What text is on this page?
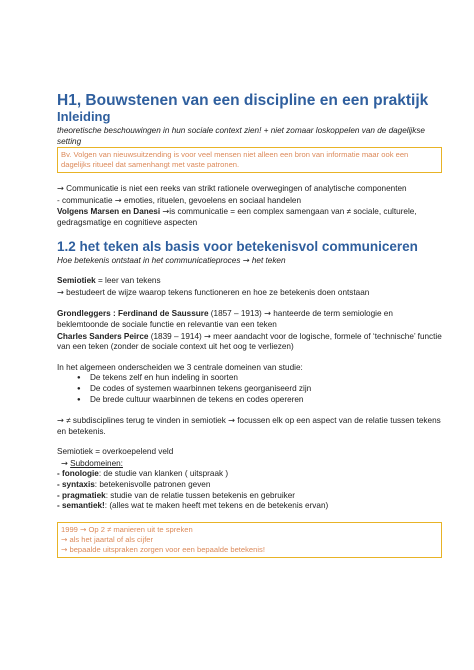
H1, Bouwstenen van een discipline en een praktijk
Inleiding
theoretische beschouwingen in hun sociale context zien! + niet zomaar loskoppelen van de dagelijkse setting
Bv. Volgen van nieuwsuitzending is voor veel mensen niet alleen een bron van informatie maar ook een dagelijks ritueel dat samenhangt met vaste patronen.
→ Communicatie is niet een reeks van strikt rationele overwegingen of analytische componenten
- communicatie → emoties, rituelen, gevoelens en sociaal handelen
Volgens Marsen en Danesi →is communicatie = een complex samengaan van ≠ sociale, culturele, gedragsmatige en cognitieve aspecten
1.2 het teken als basis voor betekenisvol communiceren
Hoe betekenis ontstaat in het communicatieproces → het teken
Semiotiek = leer van tekens
→ bestudeert de wijze waarop tekens functioneren en hoe ze betekenis doen ontstaan
Grondleggers : Ferdinand de Saussure (1857 – 1913) → hanteerde de term semiologie en beklemtoonde de sociale functie en relevantie van een teken
Charles Sanders Peirce (1839 – 1914) → meer aandacht voor de logische, formele of ‘technische’ functie van een teken (zonder de sociale context uit het oog te verliezen)
In het algemeen onderscheiden we 3 centrale domeinen van studie:
● De tekens zelf en hun indeling in soorten
● De codes of systemen waarbinnen tekens georganiseerd zijn
● De brede cultuur waarbinnen de tekens en codes opereren
→ ≠ subdisciplines terug te vinden in semiotiek → focussen elk op een aspect van de relatie tussen tekens en betekenis.
Semiotiek = overkoepelend veld
→ Subdomeinen:
- fonologie: de studie van klanken ( uitspraak )
- syntaxis: betekenisvolle patronen geven
- pragmatiek: studie van de relatie tussen betekenis en gebruiker
- semantiek!: (alles wat te maken heeft met tekens en de betekenis ervan)
1999 → Op 2 ≠ manieren uit te spreken
→ als het jaartal of als cijfer
→ bepaalde uitspraken zorgen voor een bepaalde betekenis!
